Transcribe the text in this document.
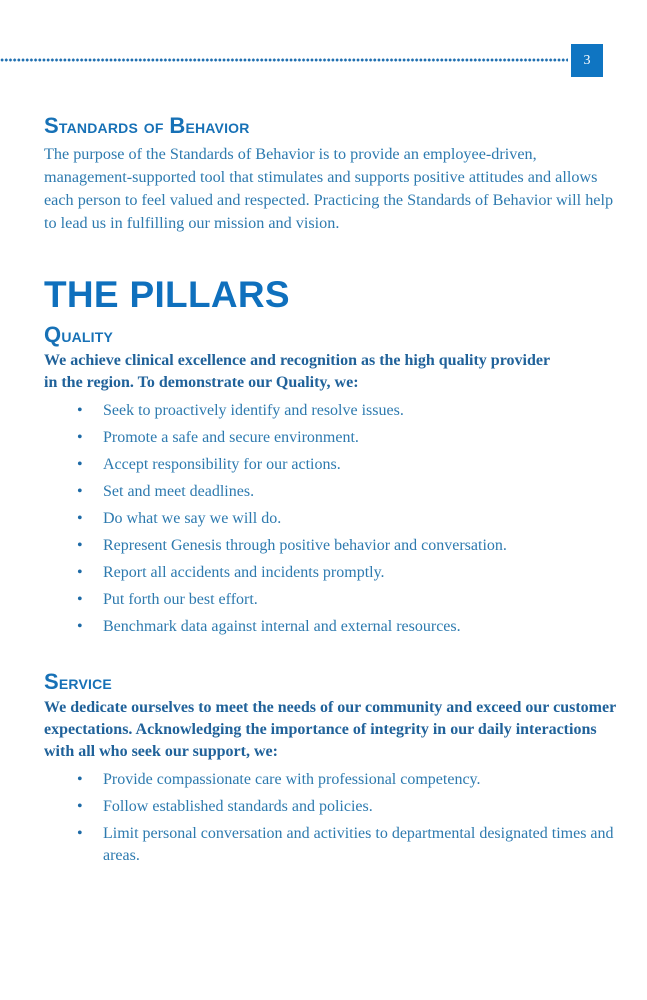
3
Standards of Behavior

The purpose of the Standards of Behavior is to provide an employee-driven, management-supported tool that stimulates and supports positive attitudes and allows each person to feel valued and respected. Practicing the Standards of Behavior will help to lead us in fulfilling our mission and vision.

THE PILLARS
Quality

We achieve clinical excellence and recognition as the high quality provider in the region. To demonstrate our Quality, we:

• Seek to proactively identify and resolve issues.
• Promote a safe and secure environment.
• Accept responsibility for our actions.
• Set and meet deadlines.
• Do what we say we will do.
• Represent Genesis through positive behavior and conversation.
• Report all accidents and incidents promptly.
• Put forth our best effort.
• Benchmark data against internal and external resources.
Service

We dedicate ourselves to meet the needs of our community and exceed our customer expectations. Acknowledging the importance of integrity in our daily interactions with all who seek our support, we:

• Provide compassionate care with professional competency.
• Follow established standards and policies.
• Limit personal conversation and activities to departmental designated times and areas.
